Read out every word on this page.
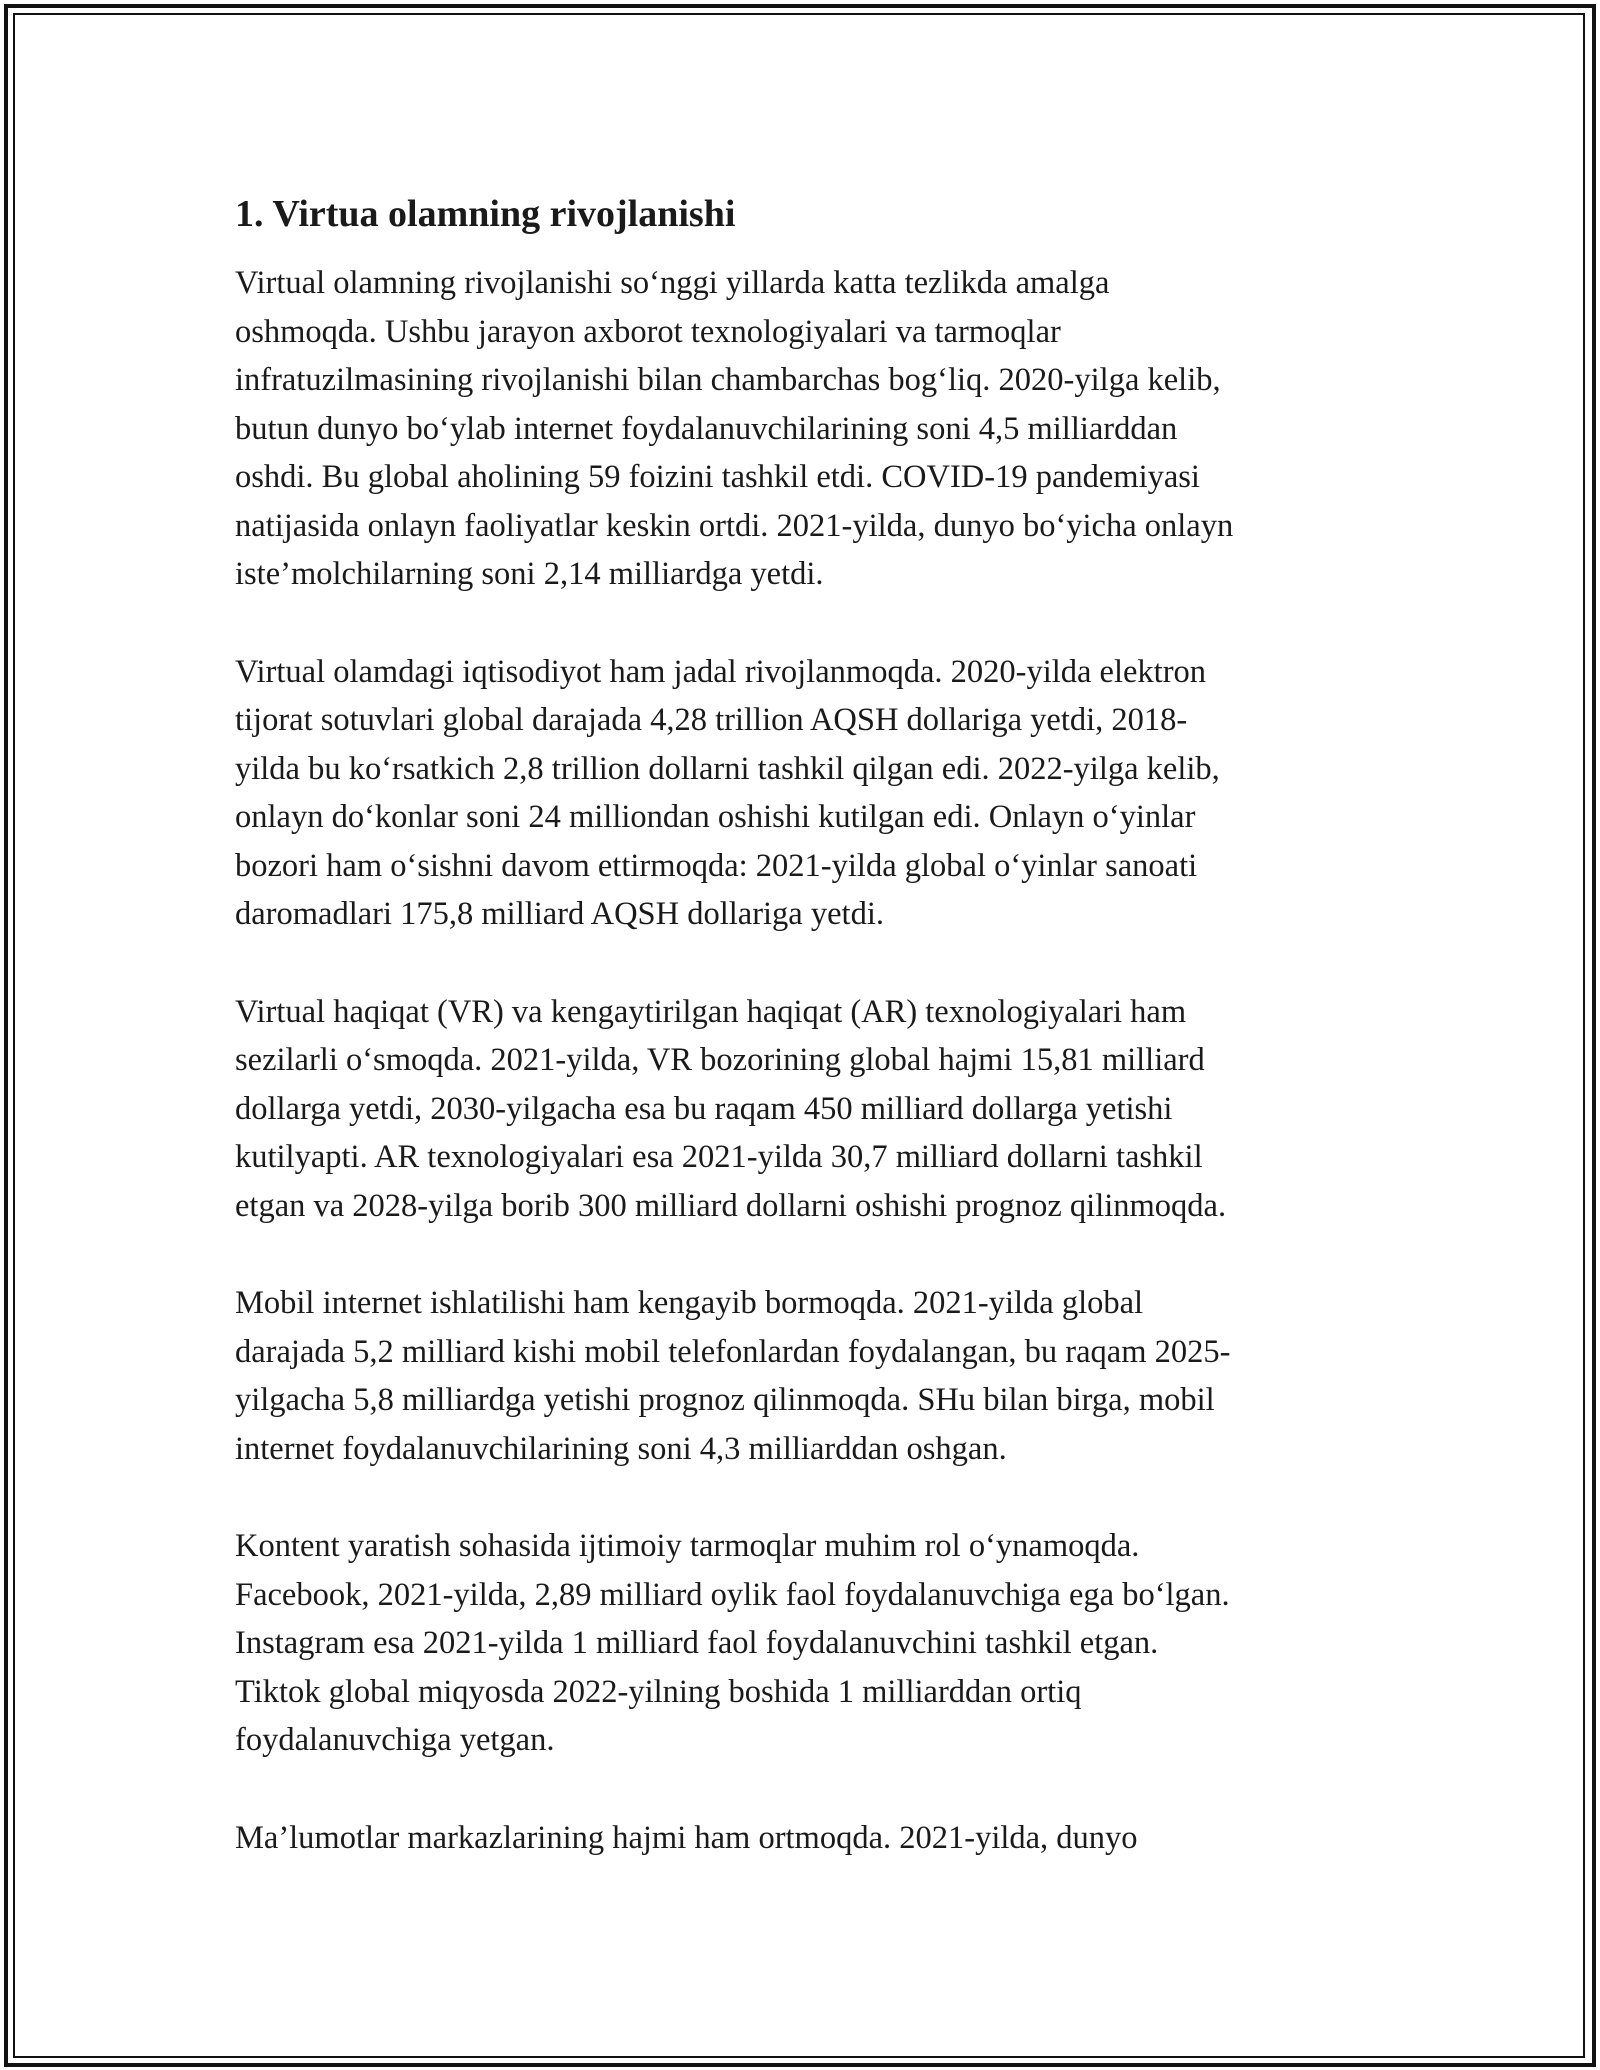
1. Virtua olamning rivojlanishi

Virtual olamning rivojlanishi so‘nggi yillarda katta tezlikda amalga
oshmoqda. Ushbu jarayon axborot texnologiyalari va tarmoqlar
infratuzilmasining rivojlanishi bilan chambarchas bog‘liq. 2020-yilga kelib,
butun dunyo bo‘ylab internet foydalanuvchilarining soni 4,5 milliarddan
oshdi. Bu global aholining 59 foizini tashkil etdi. COVID-19 pandemiyasi
natijasida onlayn faoliyatlar keskin ortdi. 2021-yilda, dunyo bo‘yicha onlayn
iste’molchilarning soni 2,14 milliardga yetdi.

Virtual olamdagi iqtisodiyot ham jadal rivojlanmoqda. 2020-yilda elektron
tijorat sotuvlari global darajada 4,28 trillion AQSH dollariga yetdi, 2018-
yilda bu ko‘rsatkich 2,8 trillion dollarni tashkil qilgan edi. 2022-yilga kelib,
onlayn do‘konlar soni 24 milliondan oshishi kutilgan edi. Onlayn o‘yinlar
bozori ham o‘sishni davom ettirmoqda: 2021-yilda global o‘yinlar sanoati
daromadlari 175,8 milliard AQSH dollariga yetdi.

Virtual haqiqat (VR) va kengaytirilgan haqiqat (AR) texnologiyalari ham
sezilarli o‘smoqda. 2021-yilda, VR bozorining global hajmi 15,81 milliard
dollarga yetdi, 2030-yilgacha esa bu raqam 450 milliard dollarga yetishi
kutilyapti. AR texnologiyalari esa 2021-yilda 30,7 milliard dollarni tashkil
etgan va 2028-yilga borib 300 milliard dollarni oshishi prognoz qilinmoqda.

Mobil internet ishlatilishi ham kengayib bormoqda. 2021-yilda global
darajada 5,2 milliard kishi mobil telefonlardan foydalangan, bu raqam 2025-
yilgacha 5,8 milliardga yetishi prognoz qilinmoqda. SHu bilan birga, mobil
internet foydalanuvchilarining soni 4,3 milliarddan oshgan.

Kontent yaratish sohasida ijtimoiy tarmoqlar muhim rol o‘ynamoqda.
Facebook, 2021-yilda, 2,89 milliard oylik faol foydalanuvchiga ega bo‘lgan.
Instagram esa 2021-yilda 1 milliard faol foydalanuvchini tashkil etgan.
Tiktok global miqyosda 2022-yilning boshida 1 milliarddan ortiq
foydalanuvchiga yetgan.

Ma’lumotlar markazlarining hajmi ham ortmoqda. 2021-yilda, dunyo
